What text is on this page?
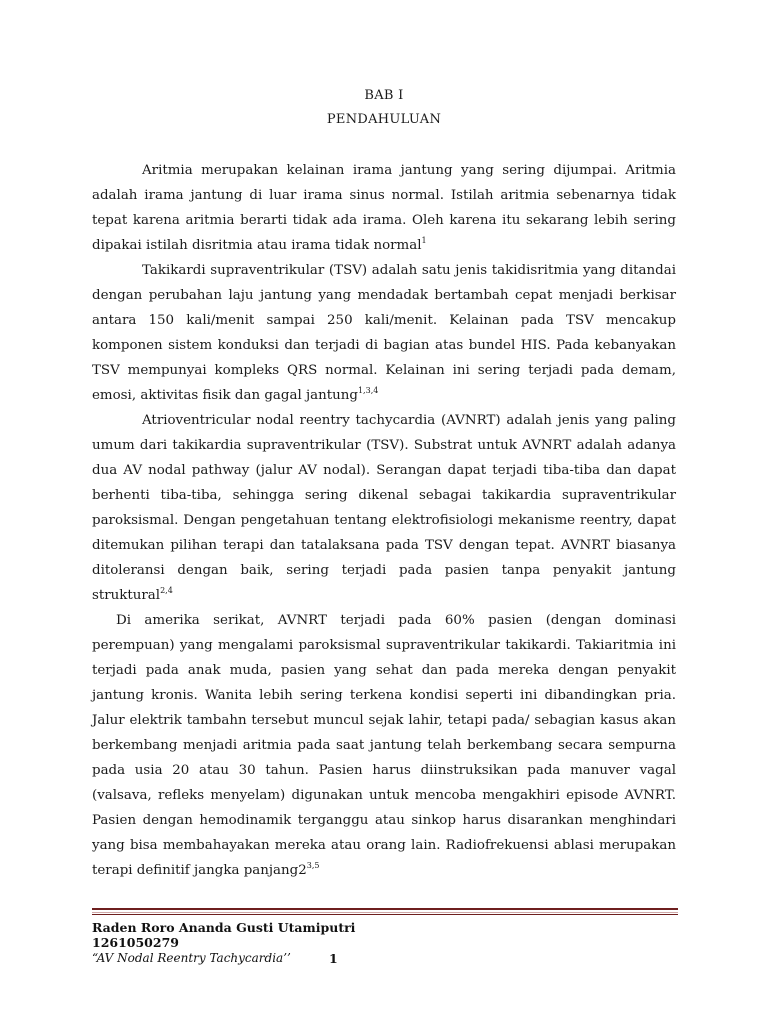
BAB I
PENDAHULUAN

Aritmia merupakan kelainan irama jantung yang sering dijumpai. Aritmia adalah irama jantung di luar irama sinus normal. Istilah aritmia sebenarnya tidak tepat karena aritmia berarti tidak ada irama. Oleh karena itu sekarang lebih sering dipakai istilah disritmia atau irama tidak normal$^1$

Takikardi supraventrikular (TSV) adalah satu jenis takidisritmia yang ditandai dengan perubahan laju jantung yang mendadak bertambah cepat menjadi berkisar antara 150 kali/menit sampai 250 kali/menit. Kelainan pada TSV mencakup komponen sistem konduksi dan terjadi di bagian atas bundel HIS. Pada kebanyakan TSV mempunyai kompleks QRS normal. Kelainan ini sering terjadi pada demam, emosi, aktivitas fisik dan gagal jantung$^{1,3,4}$

Atrioventricular nodal reentry tachycardia (AVNRT) adalah jenis yang paling umum dari takikardia supraventrikular (TSV). Substrat untuk AVNRT adalah adanya dua AV nodal pathway (jalur AV nodal). Serangan dapat terjadi tiba-tiba dan dapat berhenti tiba-tiba, sehingga sering dikenal sebagai takikardia supraventrikular paroksismal. Dengan pengetahuan tentang elektrofisiologi mekanisme reentry, dapat ditemukan pilihan terapi dan tatalaksana pada TSV dengan tepat. AVNRT biasanya ditoleransi dengan baik, sering terjadi pada pasien tanpa penyakit jantung struktural$^{2,4}$

Di amerika serikat, AVNRT terjadi pada 60% pasien (dengan dominasi perempuan) yang mengalami paroksismal supraventrikular takikardi. Takiaritmia ini terjadi pada anak muda, pasien yang sehat dan pada mereka dengan penyakit jantung kronis. Wanita lebih sering terkena kondisi seperti ini dibandingkan pria. Jalur elektrik tambahn tersebut muncul sejak lahir, tetapi pada/ sebagian kasus akan berkembang menjadi aritmia pada saat jantung telah berkembang secara sempurna pada usia 20 atau 30 tahun. Pasien harus diinstruksikan pada manuver vagal (valsava, refleks menyelam) digunakan untuk mencoba mengakhiri episode AVNRT. Pasien dengan hemodinamik terganggu atau sinkop harus disarankan menghindari yang bisa membahayakan mereka atau orang lain. Radiofrekuensi ablasi merupakan terapi definitif jangka panjang2$^{3,5}$

Raden Roro Ananda Gusti Utamiputri
1261050279
“AV Nodal Reentry Tachycardia’’	1
